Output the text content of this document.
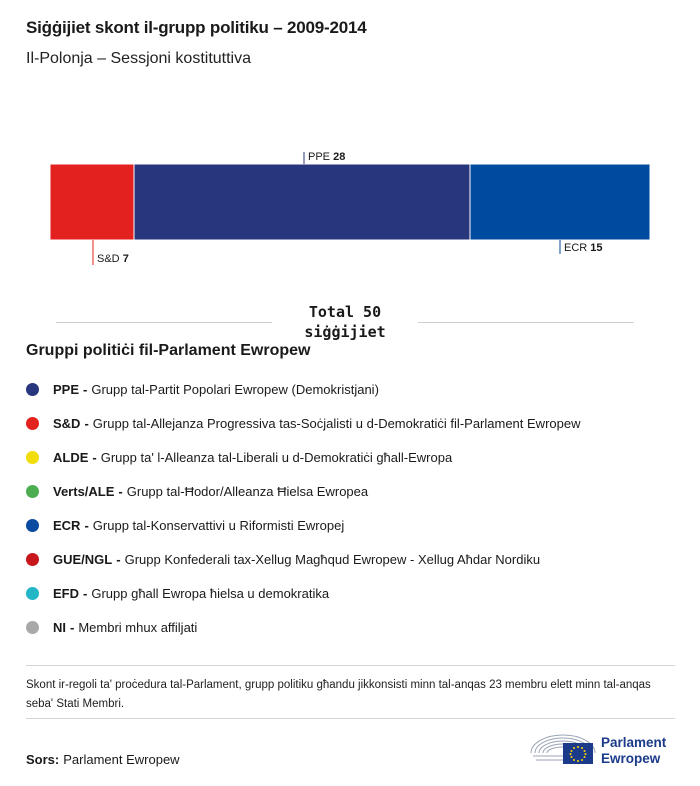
Siġġijiet skont il-grupp politiku – 2009-2014
Il-Polonja – Sessjoni kostituttiva
S&D 7
PPE 28
ECR 15
Total 50
siġġijiet
Gruppi politiċi fil-Parlament Ewropew
PPE - Grupp tal-Partit Popolari Ewropew (Demokristjani)
S&D - Grupp tal-Allejanza Progressiva tas-Soċjalisti u d-Demokratiċi fil-Parlament Ewropew
ALDE - Grupp ta' l-Alleanza tal-Liberali u d-Demokratiċi għall-Ewropa
Verts/ALE - Grupp tal-Ħodor/Alleanza Ħielsa Ewropea
ECR - Grupp tal-Konservattivi u Riformisti Ewropej
GUE/NGL - Grupp Konfederali tax-Xellug Magħqud Ewropew - Xellug Aħdar Nordiku
EFD - Grupp għall Ewropa ħielsa u demokratika
NI - Membri mhux affiljati
Skont ir-regoli ta' proċedura tal-Parlament, grupp politiku għandu jikkonsisti minn tal-anqas 23 membru elett minn tal-anqas seba' Stati Membri.
Sors: Parlament Ewropew
Parlament
Ewropew
